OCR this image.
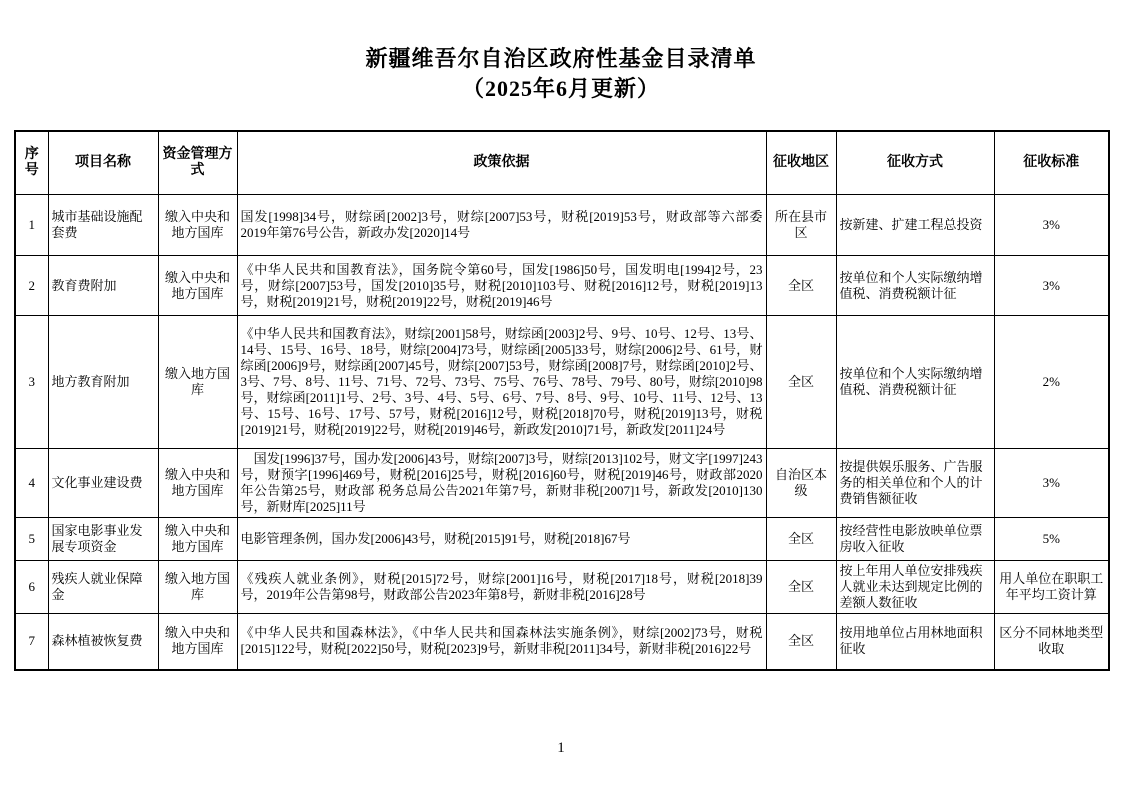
新疆维吾尔自治区政府性基金目录清单
（2025年6月更新）
序号	项目名称	资金管理方式	政策依据	征收地区	征收方式	征收标准
1	城市基础设施配套费	缴入中央和地方国库	国发[1998]34号，财综函[2002]3号，财综[2007]53号，财税[2019]53号，财政部等六部委2019年第76号公告，新政办发[2020]14号	所在县市区	按新建、扩建工程总投资	3%
2	教育费附加	缴入中央和地方国库	《中华人民共和国教育法》，国务院令第60号，国发[1986]50号，国发明电[1994]2号，23号，财综[2007]53号，国发[2010]35号，财税[2010]103号、财税[2016]12号，财税[2019]13号，财税[2019]21号，财税[2019]22号，财税[2019]46号	全区	按单位和个人实际缴纳增值税、消费税额计征	3%
3	地方教育附加	缴入地方国库	《中华人民共和国教育法》，财综[2001]58号，财综函[2003]2号、9号、10号、12号、13号、14号、15号、16号、18号，财综[2004]73号，财综函[2005]33号，财综[2006]2号、61号，财综函[2006]9号，财综函[2007]45号，财综[2007]53号，财综函[2008]7号，财综函[2010]2号、3号、7号、8号、11号、71号、72号、73号、75号、76号、78号、79号、80号，财综[2010]98号，财综函[2011]1号、2号、3号、4号、5号、6号、7号、8号、9号、10号、11号、12号、13号、15号、16号、17号、57号，财税[2016]12号，财税[2018]70号，财税[2019]13号，财税[2019]21号，财税[2019]22号，财税[2019]46号，新政发[2010]71号，新政发[2011]24号	全区	按单位和个人实际缴纳增值税、消费税额计征	2%
4	文化事业建设费	缴入中央和地方国库	　国发[1996]37号，国办发[2006]43号，财综[2007]3号，财综[2013]102号，财文字[1997]243号，财预字[1996]469号，财税[2016]25号，财税[2016]60号，财税[2019]46号，财政部2020年公告第25号，财政部 税务总局公告2021年第7号，新财非税[2007]1号，新政发[2010]130号，新财库[2025]11号	自治区本级	按提供娱乐服务、广告服务的相关单位和个人的计费销售额征收	3%
5	国家电影事业发展专项资金	缴入中央和地方国库	电影管理条例，国办发[2006]43号，财税[2015]91号，财税[2018]67号	全区	按经营性电影放映单位票房收入征收	5%
6	残疾人就业保障金	缴入地方国库	《残疾人就业条例》，财税[2015]72号，财综[2001]16号，财税[2017]18号，财税[2018]39号，2019年公告第98号，财政部公告2023年第8号，新财非税[2016]28号	全区	按上年用人单位安排残疾人就业未达到规定比例的差额人数征收	用人单位在职职工年平均工资计算
7	森林植被恢复费	缴入中央和地方国库	《中华人民共和国森林法》，《中华人民共和国森林法实施条例》，财综[2002]73号，财税[2015]122号，财税[2022]50号，财税[2023]9号，新财非税[2011]34号，新财非税[2016]22号	全区	按用地单位占用林地面积征收	区分不同林地类型收取
1
